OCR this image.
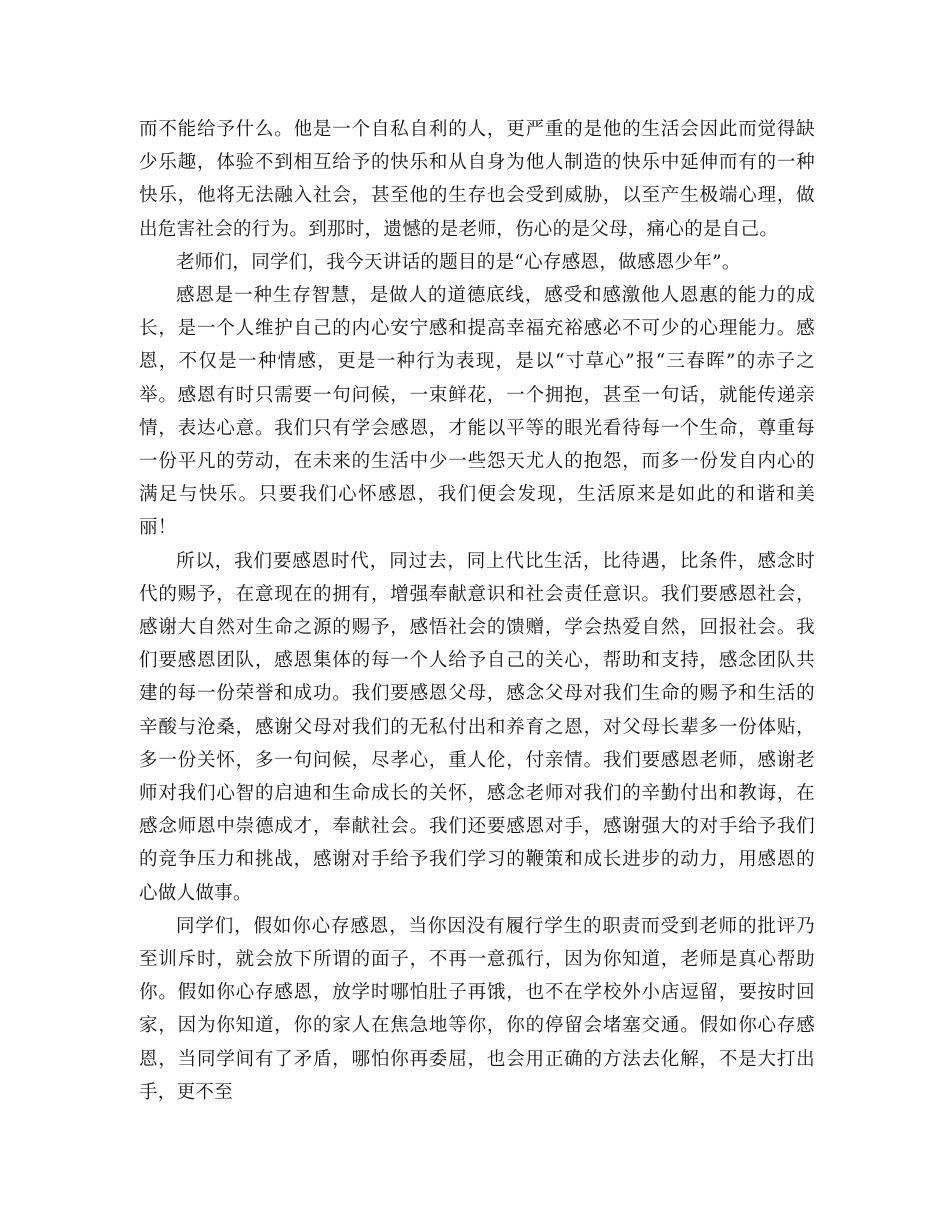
而不能给予什么。他是一个自私自利的人，更严重的是他的生活会因此而觉得缺少乐趣，体验不到相互给予的快乐和从自身为他人制造的快乐中延伸而有的一种快乐，他将无法融入社会，甚至他的生存也会受到威胁，以至产生极端心理，做出危害社会的行为。到那时，遗憾的是老师，伤心的是父母，痛心的是自己。

老师们，同学们，我今天讲话的题目的是“心存感恩，做感恩少年”。

感恩是一种生存智慧，是做人的道德底线，感受和感激他人恩惠的能力的成长，是一个人维护自己的内心安宁感和提高幸福充裕感必不可少的心理能力。感恩，不仅是一种情感，更是一种行为表现，是以“寸草心”报“三春晖”的赤子之举。感恩有时只需要一句问候，一束鲜花，一个拥抱，甚至一句话，就能传递亲情，表达心意。我们只有学会感恩，才能以平等的眼光看待每一个生命，尊重每一份平凡的劳动，在未来的生活中少一些怨天尤人的抱怨，而多一份发自内心的满足与快乐。只要我们心怀感恩，我们便会发现，生活原来是如此的和谐和美丽！

所以，我们要感恩时代，同过去，同上代比生活，比待遇，比条件，感念时代的赐予，在意现在的拥有，增强奉献意识和社会责任意识。我们要感恩社会，感谢大自然对生命之源的赐予，感悟社会的馈赠，学会热爱自然，回报社会。我们要感恩团队，感恩集体的每一个人给予自己的关心，帮助和支持，感念团队共建的每一份荣誉和成功。我们要感恩父母，感念父母对我们生命的赐予和生活的辛酸与沧桑，感谢父母对我们的无私付出和养育之恩，对父母长辈多一份体贴，多一份关怀，多一句问候，尽孝心，重人伦，付亲情。我们要感恩老师，感谢老师对我们心智的启迪和生命成长的关怀，感念老师对我们的辛勤付出和教诲，在感念师恩中崇德成才，奉献社会。我们还要感恩对手，感谢强大的对手给予我们的竞争压力和挑战，感谢对手给予我们学习的鞭策和成长进步的动力，用感恩的心做人做事。

同学们，假如你心存感恩，当你因没有履行学生的职责而受到老师的批评乃至训斥时，就会放下所谓的面子，不再一意孤行，因为你知道，老师是真心帮助你。假如你心存感恩，放学时哪怕肚子再饿，也不在学校外小店逗留，要按时回家，因为你知道，你的家人在焦急地等你，你的停留会堵塞交通。假如你心存感恩，当同学间有了矛盾，哪怕你再委屈，也会用正确的方法去化解，不是大打出手，更不至
